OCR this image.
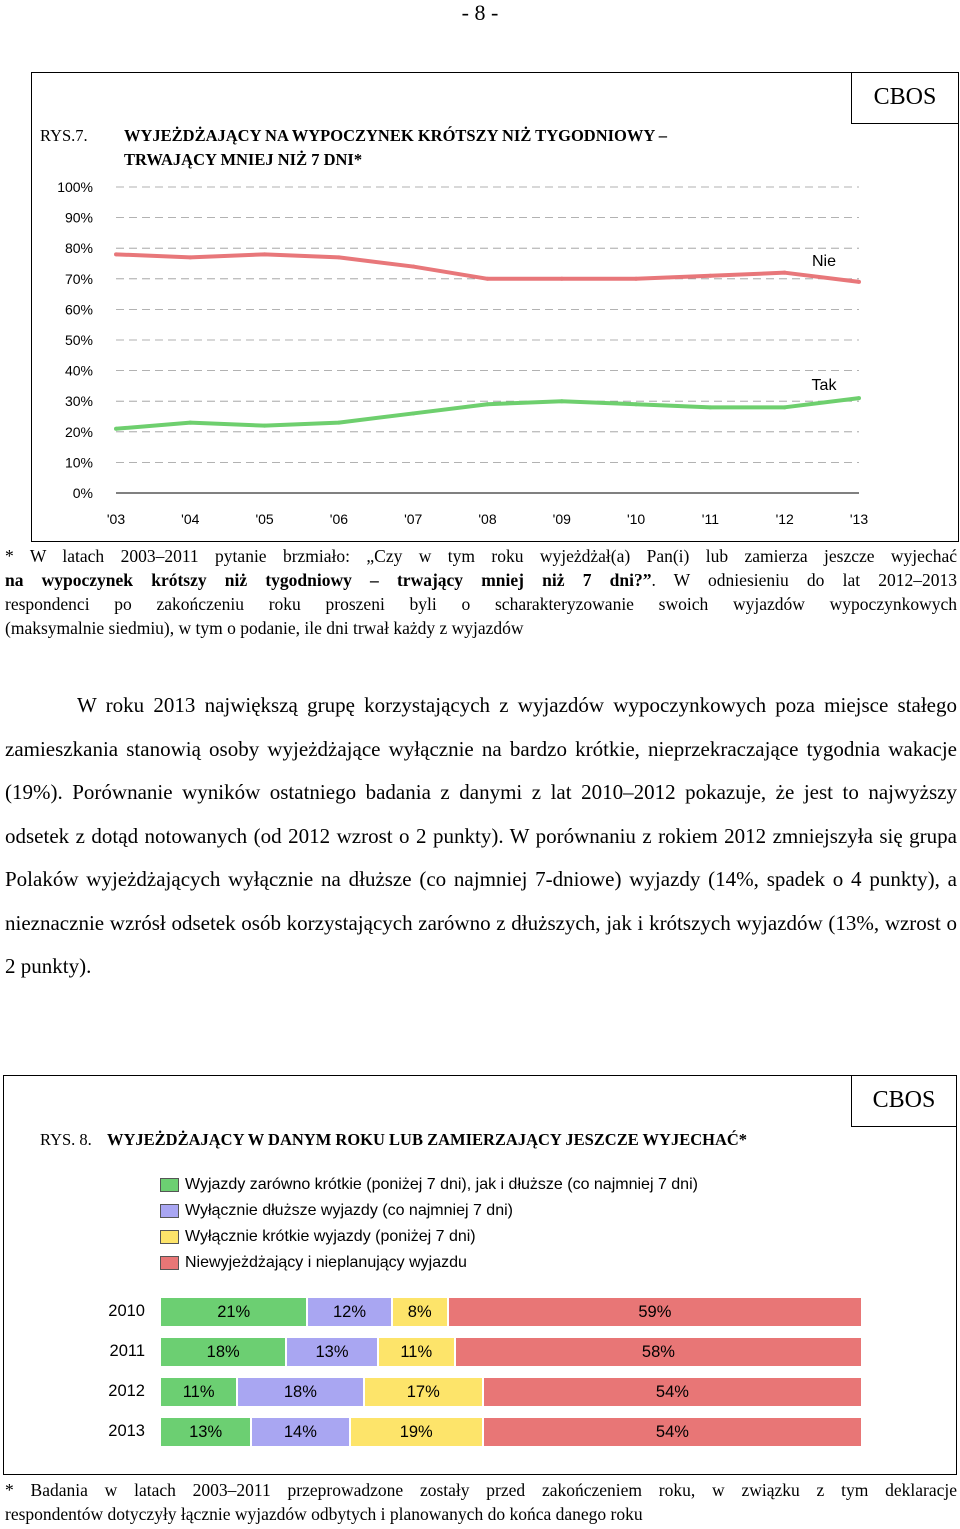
- 8 -
CBOS
RYS.7. WYJEŻDŻAJĄCY NA WYPOCZYNEK KRÓTSZY NIŻ TYGODNIOWY –
TRWAJĄCY MNIEJ NIŻ 7 DNI*
0%
10%
20%
30%
40%
50%
60%
70%
80%
90%
100%
'03	'04	'05	'06	'07	'08	'09	'10	'11	'12	'13
Nie
Tak
* W latach 2003–2011 pytanie brzmiało: „Czy w tym roku wyjeżdżał(a) Pan(i) lub zamierza jeszcze wyjechać
na wypoczynek krótszy niż tygodniowy – trwający mniej niż 7 dni?”. W odniesieniu do lat 2012–2013
respondenci po zakończeniu roku proszeni byli o scharakteryzowanie swoich wyjazdów wypoczynkowych
(maksymalnie siedmiu), w tym o podanie, ile dni trwał każdy z wyjazdów
W roku 2013 największą grupę korzystających z wyjazdów wypoczynkowych poza miejsce stałego zamieszkania stanowią osoby wyjeżdżające wyłącznie na bardzo krótkie, nieprzekraczające tygodnia wakacje (19%). Porównanie wyników ostatniego badania z danymi z lat 2010–2012 pokazuje, że jest to najwyższy odsetek z dotąd notowanych (od 2012 wzrost o 2 punkty). W porównaniu z rokiem 2012 zmniejszyła się grupa Polaków wyjeżdżających wyłącznie na dłuższe (co najmniej 7-dniowe) wyjazdy (14%, spadek o 4 punkty), a nieznacznie wzrósł odsetek osób korzystających zarówno z dłuższych, jak i krótszych wyjazdów (13%, wzrost o 2 punkty).
CBOS
RYS. 8. WYJEŻDŻAJĄCY W DANYM ROKU LUB ZAMIERZAJĄCY JESZCZE WYJECHAĆ*
Wyjazdy zarówno krótkie (poniżej 7 dni), jak i dłuższe (co najmniej 7 dni)
Wyłącznie dłuższe wyjazdy (co najmniej 7 dni)
Wyłącznie krótkie wyjazdy (poniżej 7 dni)
Niewyjeżdżający i nieplanujący wyjazdu
2010	21%	12%	8%	59%
2011	18%	13%	11%	58%
2012	11%	18%	17%	54%
2013	13%	14%	19%	54%
* Badania w latach 2003–2011 przeprowadzone zostały przed zakończeniem roku, w związku z tym deklaracje
respondentów dotyczyły łącznie wyjazdów odbytych i planowanych do końca danego roku
